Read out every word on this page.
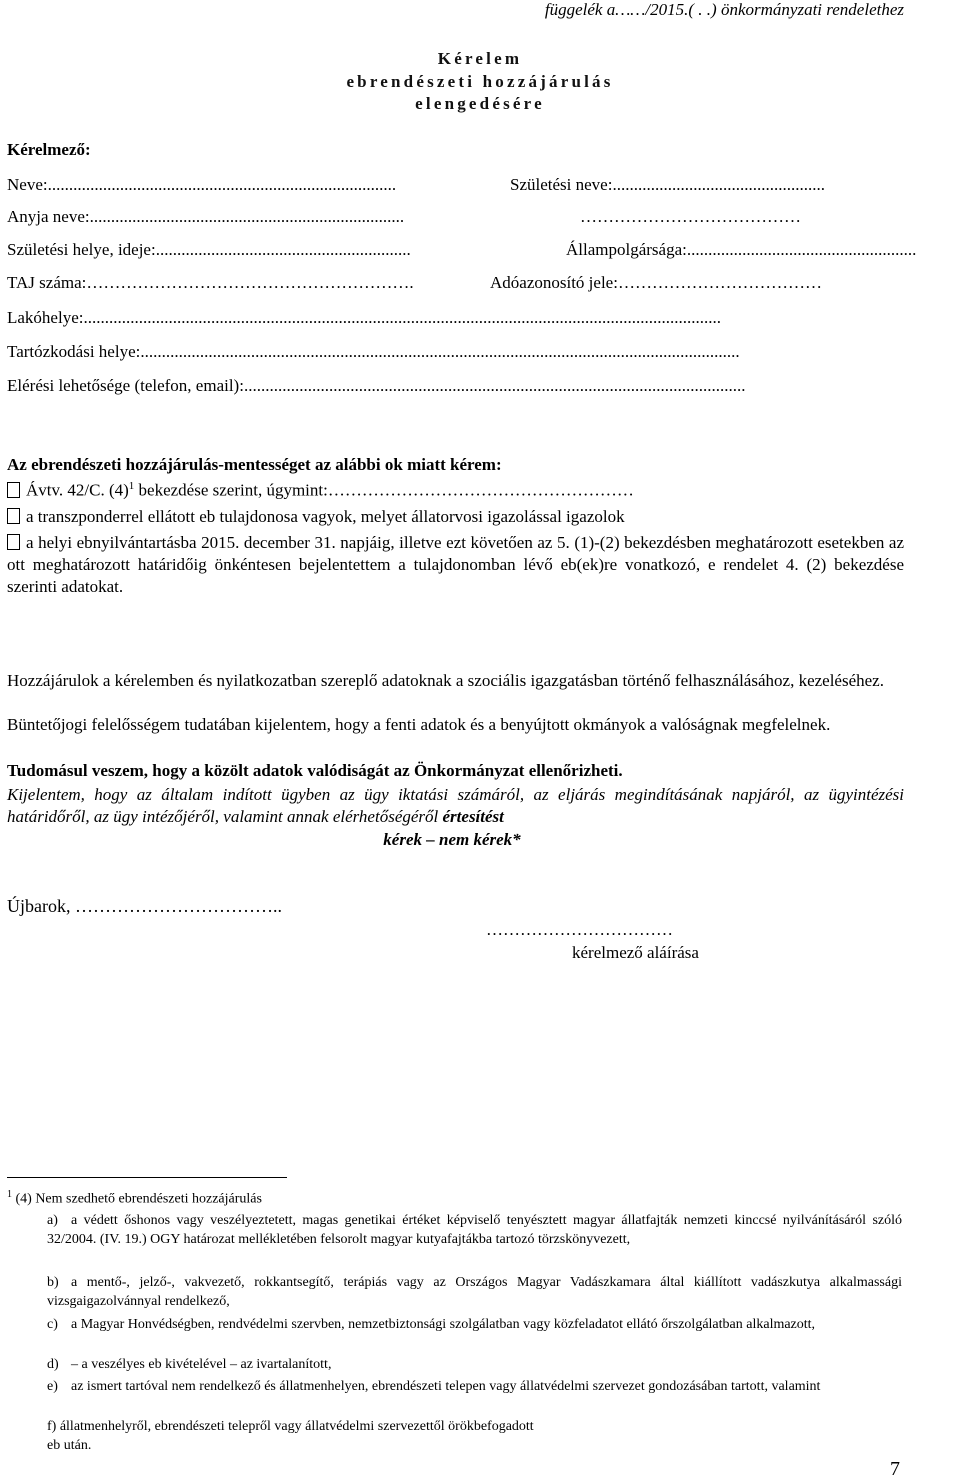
függelék a……/2015.( . .) önkormányzati rendelethez
Kérelem
ebrendészeti hozzájárulás
elengedésére
Kérelmező:
Neve:..................................................................................	Születési neve:..................................................
Anyja neve:..........................................................................	…………………………………
Születési helye, ideje:............................................................	Állampolgársága:......................................................
TAJ száma:………………………………………………….	Adóazonosító jele:………………………………
Lakóhelye:......................................................................................................................................................
Tartózkodási helye:.............................................................................................................................................
Elérési lehetősége (telefon, email):......................................................................................................................
Az ebrendészeti hozzájárulás-mentességet az alábbi ok miatt kérem:
Ávtv. 42/C. $(4)^1$ bekezdése szerint, úgymint:………………………………………………
a transzponderrel ellátott eb tulajdonosa vagyok, melyet állatorvosi igazolással igazolok
a helyi ebnyilvántartásba 2015. december 31. napjáig, illetve ezt követően az 5. (1)-(2) bekezdésben meghatározott esetekben az ott meghatározott határidőig önkéntesen bejelentettem a tulajdonomban lévő eb(ek)re vonatkozó, e rendelet 4. (2) bekezdése szerinti adatokat.
Hozzájárulok a kérelemben és nyilatkozatban szereplő adatoknak a szociális igazgatásban történő felhasználásához, kezeléséhez.
Büntetőjogi felelősségem tudatában kijelentem, hogy a fenti adatok és a benyújtott okmányok a valóságnak megfelelnek.
Tudomásul veszem, hogy a közölt adatok valódiságát az Önkormányzat ellenőrizheti.
Kijelentem, hogy az általam indított ügyben az ügy iktatási számáról, az eljárás megindításának napjáról, az ügyintézési határidőről, az ügy intézőjéről, valamint annak elérhetőségéről értesítést
kérek – nem kérek*
Újbarok, ……………………………..
……………………………
kérelmező aláírása
$^1$ (4) Nem szedhető ebrendészeti hozzájárulás
a) a védett őshonos vagy veszélyeztetett, magas genetikai értéket képviselő tenyésztett magyar állatfajták nemzeti kinccsé nyilvánításáról szóló 32/2004. (IV. 19.) OGY határozat mellékletében felsorolt magyar kutyafajtákba tartozó törzskönyvezett,
b) a mentő-, jelző-, vakvezető, rokkantsegítő, terápiás vagy az Országos Magyar Vadászkamara által kiállított vadászkutya alkalmassági vizsgaigazolvánnyal rendelkező,
c) a Magyar Honvédségben, rendvédelmi szervben, nemzetbiztonsági szolgálatban vagy közfeladatot ellátó őrszolgálatban alkalmazott,
d) – a veszélyes eb kivételével – az ivartalanított,
e) az ismert tartóval nem rendelkező és állatmenhelyen, ebrendészeti telepen vagy állatvédelmi szervezet gondozásában tartott, valamint
f) állatmenhelyről, ebrendészeti telepről vagy állatvédelmi szervezettől örökbefogadott
eb után.
7
